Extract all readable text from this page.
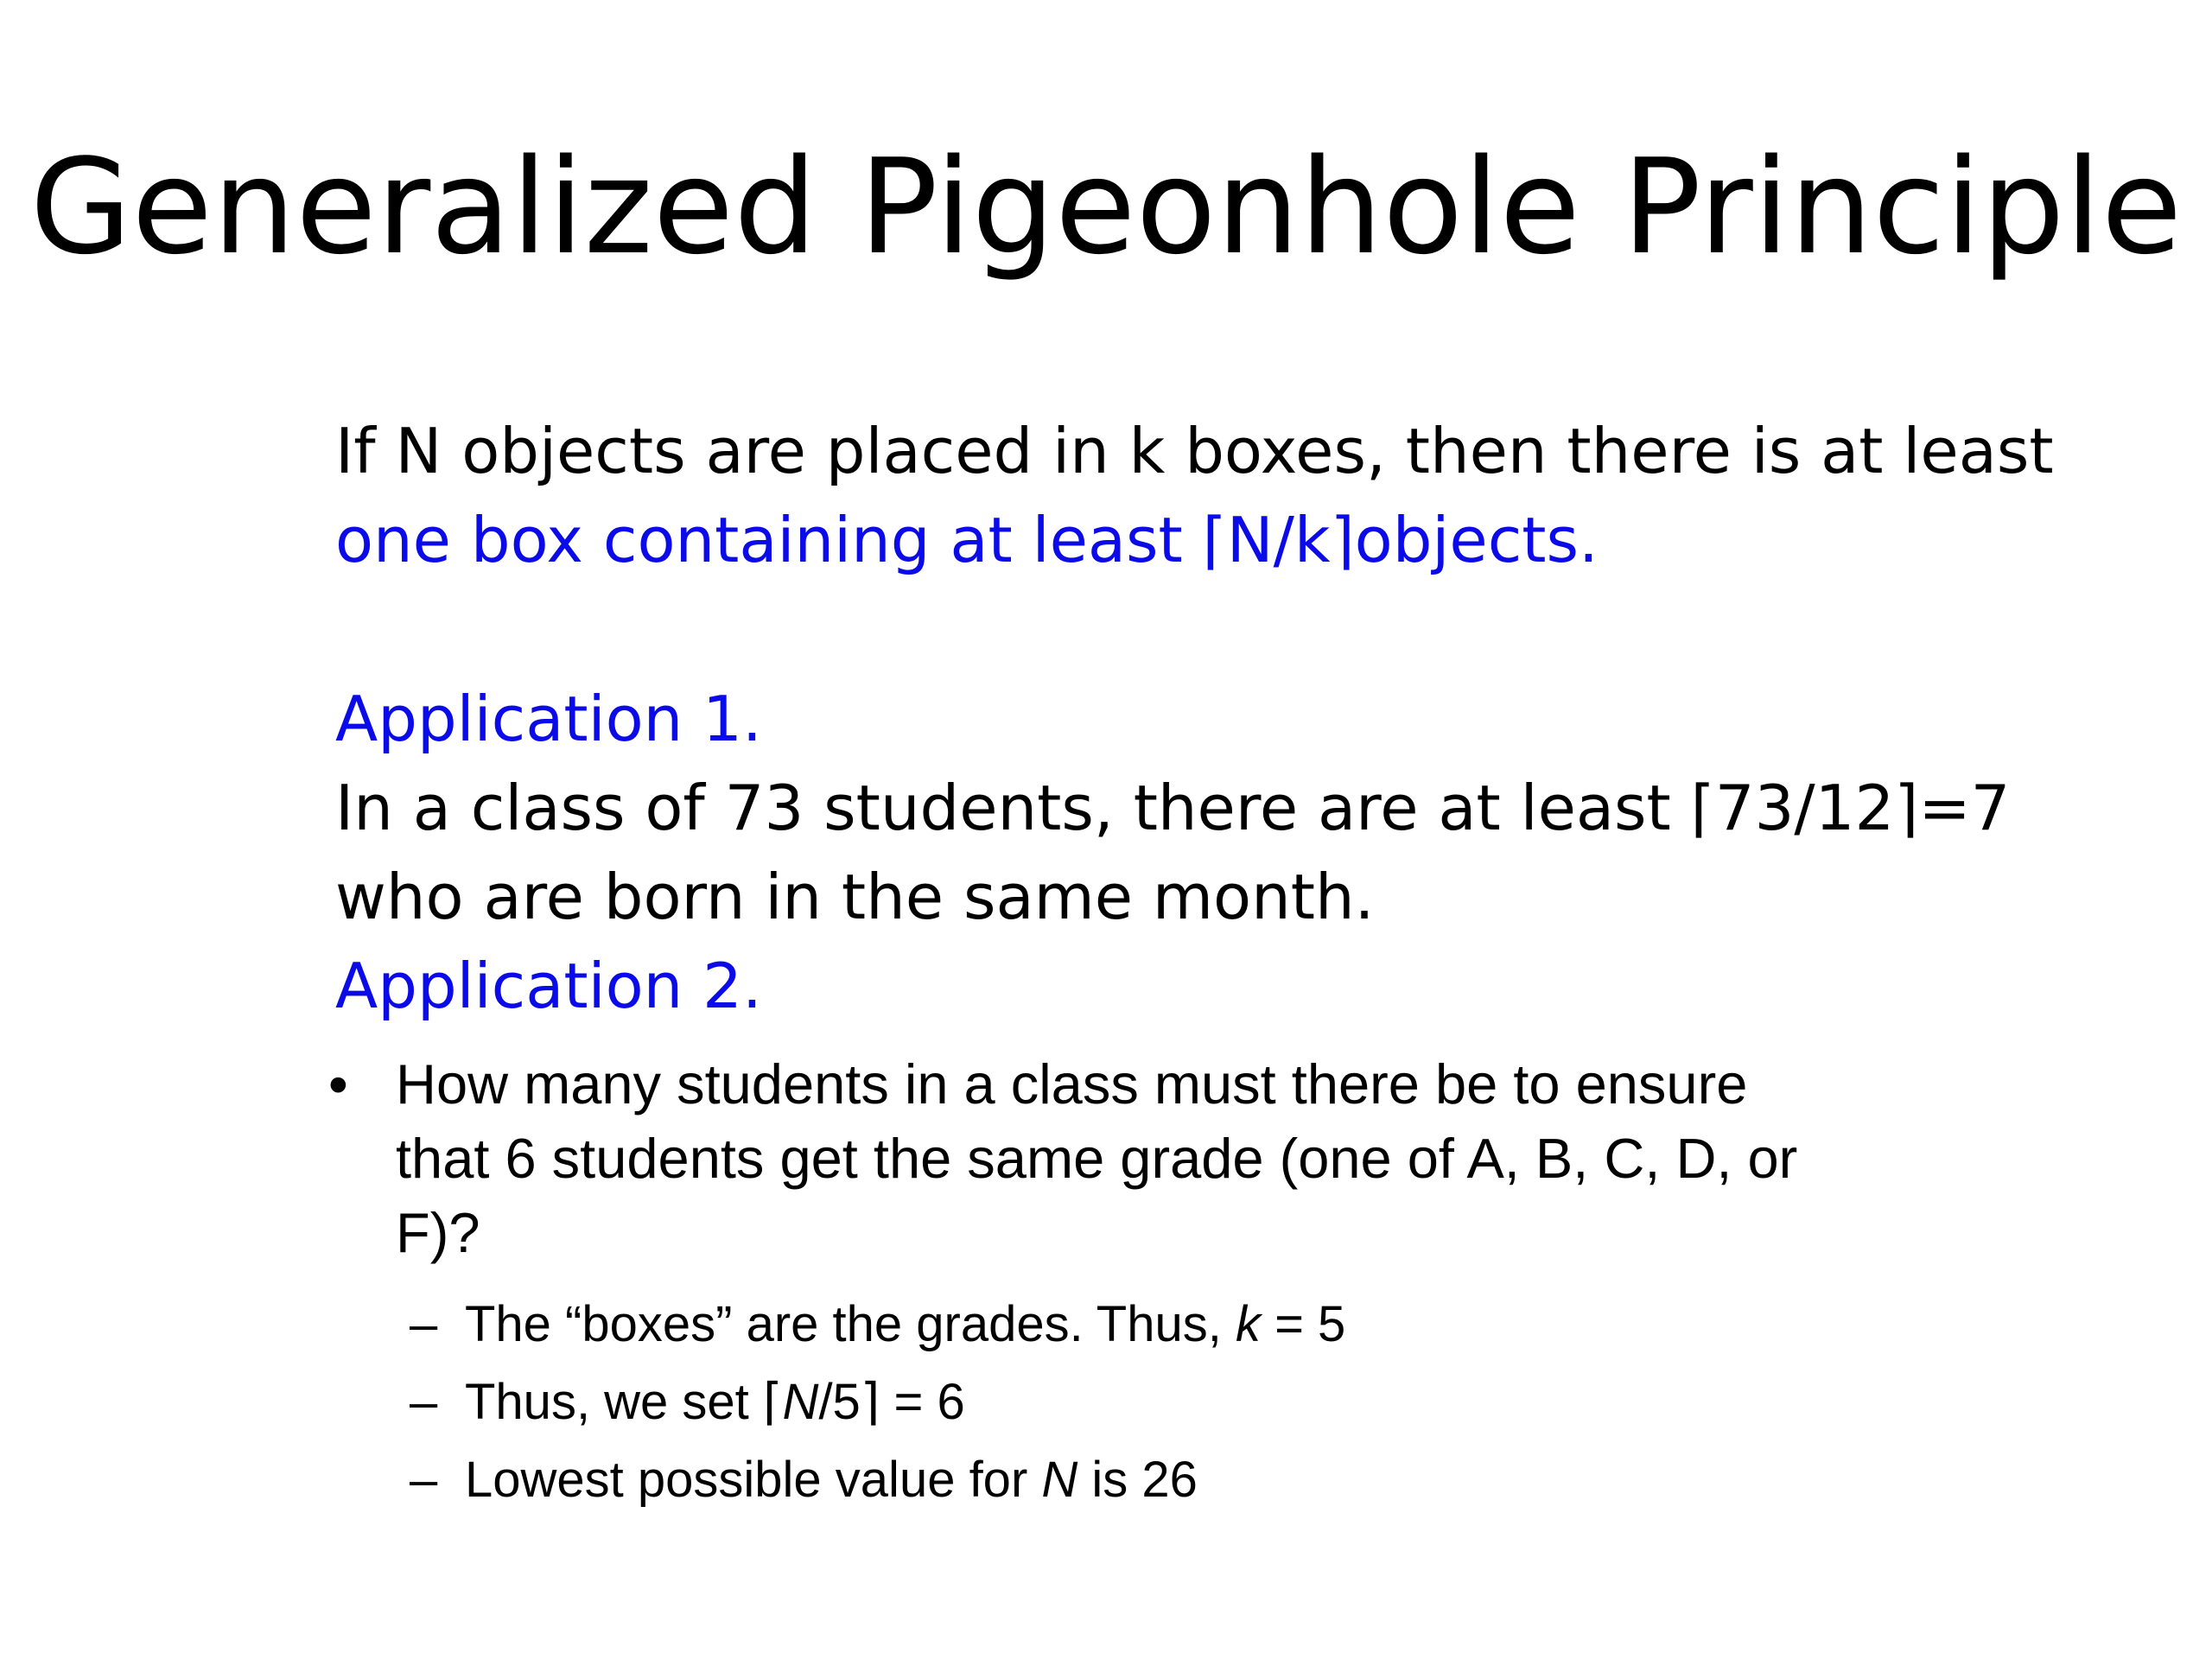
Generalized Pigeonhole Principle
If N objects are placed in k boxes, then there is at least
one box containing at least ⌈N/k⌉objects.
Application 1.
In a class of 73 students, there are at least ⌈73/12⌉=7
who are born in the same month.
Application 2.
• How many students in a class must there be to ensure that 6 students get the same grade (one of A, B, C, D, or F)?
– The “boxes” are the grades. Thus, k = 5
– Thus, we set ⌈N/5⌉ = 6
– Lowest possible value for N is 26
